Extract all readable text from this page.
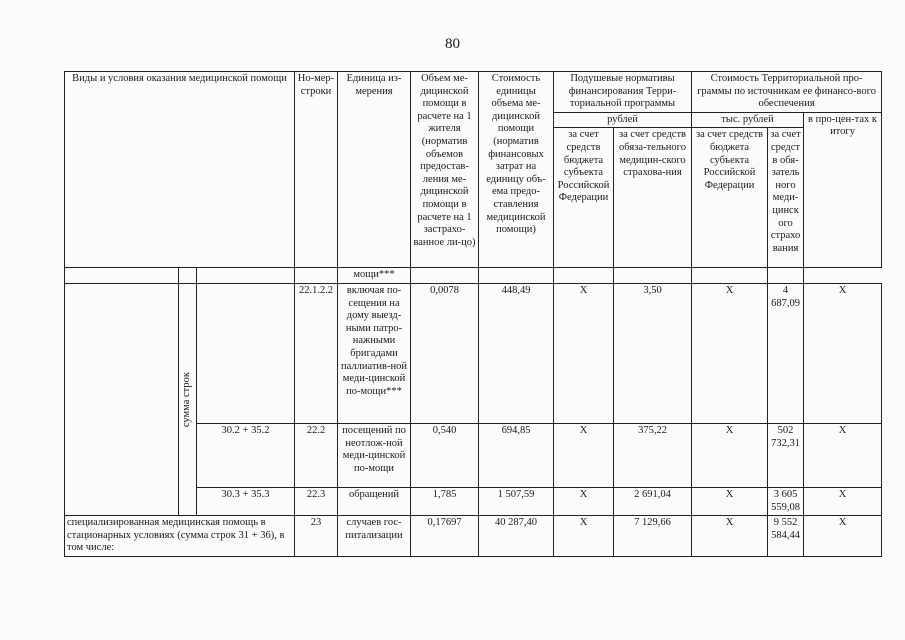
80
Виды и условия оказания медицинской помощи			Но-мер-строки	Единица из-мерения	Объем ме-дицинской помощи в расчете на 1 жителя (норматив объемов предостав-ления ме-дицинской помощи в расчете на 1 застрахо-ванное ли-цо)	Стоимость единицы объема ме-дицинской помощи (норматив финансовых затрат на единицу объ-ема предо-ставления медицинской помощи)	Подушевые нормативы финансирования Терри-ториальной программы		Стоимость Территориальной про-граммы по источникам ее финансо-вого обеспечения		
							рублей		тыс. рублей		в про-цен-тах к итогу
							за счет средств бюджета субъекта Российской Федерации	за счет средств обяза-тельного медицин-ского страхова-ния	за счет средств бюджета субъекта Российской Федерации	за счет средств обя-зательного меди-цинского страхования	
				мощи***							

	сумма строк		22.1.2.2	включая по-сещения на дому выезд-ными патро-нажными бригадами паллиатив-ной меди-цинской по-мощи***	0,0078	448,49	X	3,50	X	4 687,09	X
		30.2 + 35.2	22.2	посещений по неотлож-ной меди-цинской по-мощи	0,540	694,85	X	375,22	X	502 732,31	X
		30.3 + 35.3	22.3	обращений	1,785	1 507,59	X	2 691,04	X	3 605 559,08	X
специализированная медицинская помощь в стационарных условиях (сумма строк 31 + 36), в том числе:			23	случаев гос-питализации	0,17697	40 287,40	X	7 129,66	X	9 552 584,44	X
